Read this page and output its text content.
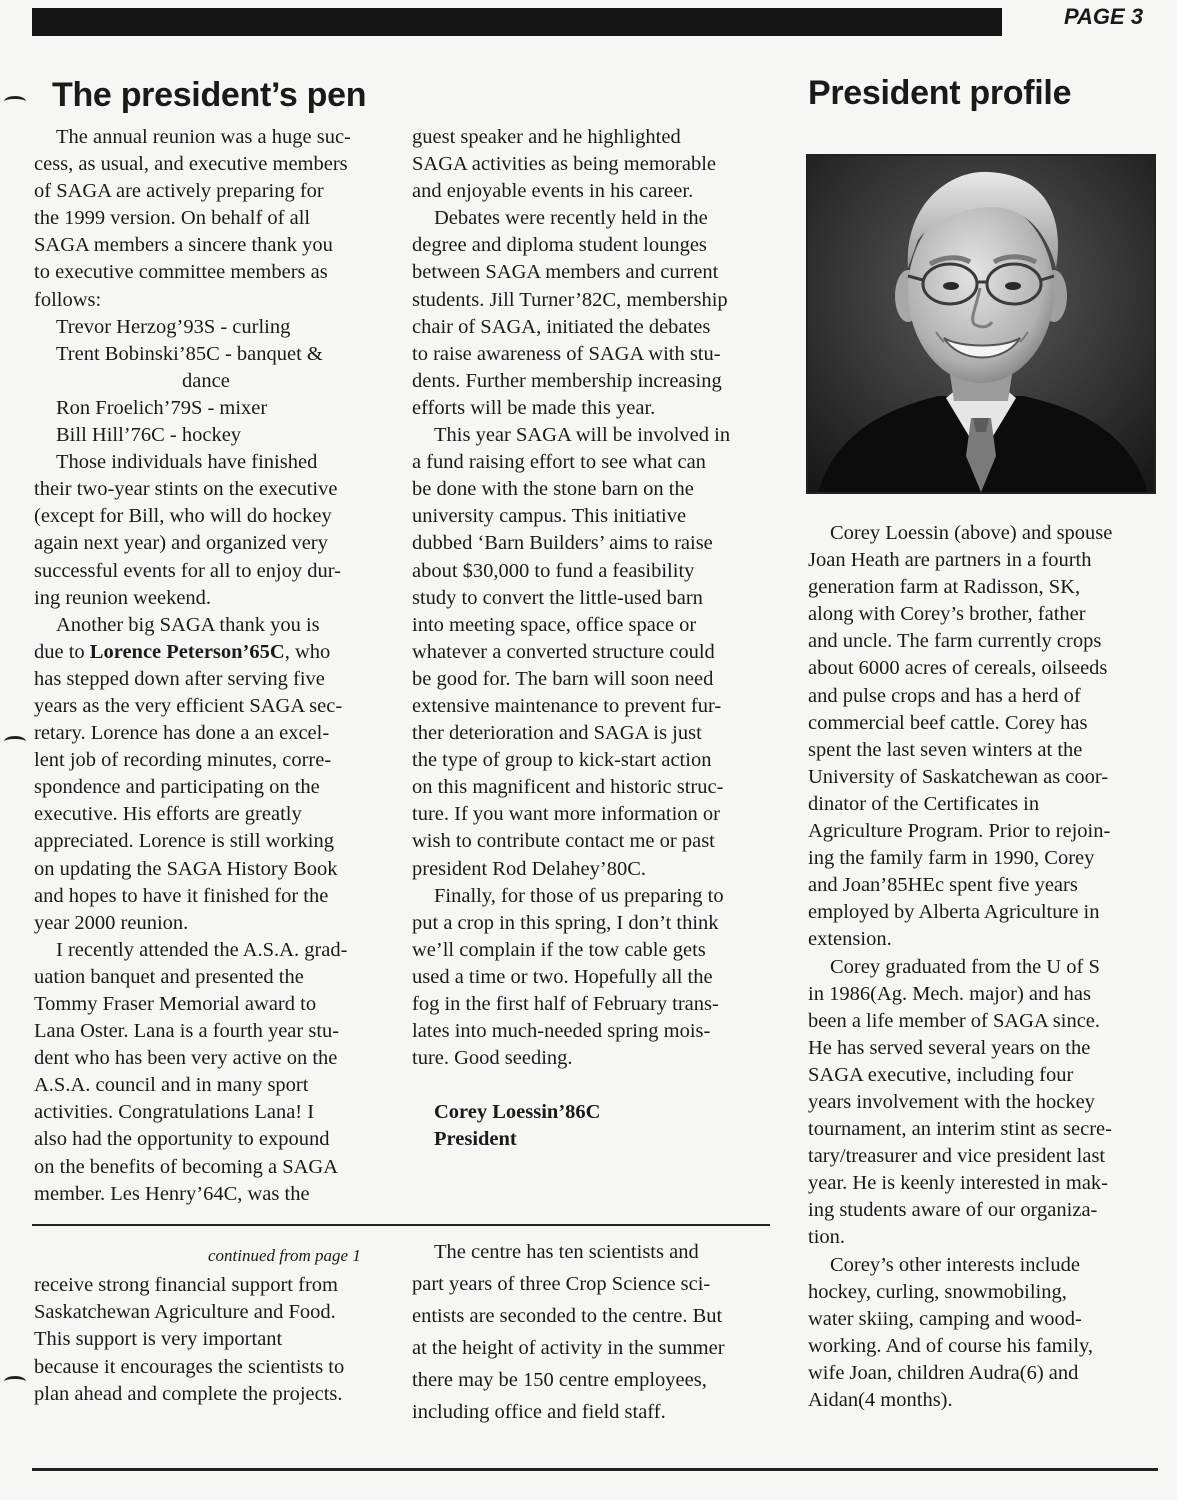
PAGE 3
The president’s pen	President profile

The annual reunion was a huge suc-

cess, as usual, and executive members

of SAGA are actively preparing for

the 1999 version. On behalf of all

SAGA members a sincere thank you

to executive committee members as

follows:

Trevor Herzog’93S - curling

Trent Bobinski’85C - banquet &

dance

Ron Froelich’79S - mixer

Bill Hill’76C - hockey

Those individuals have finished

their two-year stints on the executive

(except for Bill, who will do hockey

again next year) and organized very

successful events for all to enjoy dur-

ing reunion weekend.

Another big SAGA thank you is

due to Lorence Peterson’65C, who

has stepped down after serving five

years as the very efficient SAGA sec-

retary. Lorence has done a an excel-

lent job of recording minutes, corre-

spondence and participating on the

executive. His efforts are greatly

appreciated. Lorence is still working

on updating the SAGA History Book

and hopes to have it finished for the

year 2000 reunion.

I recently attended the A.S.A. grad-

uation banquet and presented the

Tommy Fraser Memorial award to

Lana Oster. Lana is a fourth year stu-

dent who has been very active on the

A.S.A. council and in many sport

activities. Congratulations Lana! I

also had the opportunity to expound

on the benefits of becoming a SAGA

member. Les Henry’64C, was the

guest speaker and he highlighted

SAGA activities as being memorable

and enjoyable events in his career.

Debates were recently held in the

degree and diploma student lounges

between SAGA members and current

students. Jill Turner’82C, membership

chair of SAGA, initiated the debates

to raise awareness of SAGA with stu-

dents. Further membership increasing

efforts will be made this year.

This year SAGA will be involved in

a fund raising effort to see what can

be done with the stone barn on the

university campus. This initiative

dubbed ‘Barn Builders’ aims to raise

about $30,000 to fund a feasibility

study to convert the little-used barn

into meeting space, office space or

whatever a converted structure could

be good for. The barn will soon need

extensive maintenance to prevent fur-

ther deterioration and SAGA is just

the type of group to kick-start action

on this magnificent and historic struc-

ture. If you want more information or

wish to contribute contact me or past

president Rod Delahey’80C.

Finally, for those of us preparing to

put a crop in this spring, I don’t think

we’ll complain if the tow cable gets

used a time or two. Hopefully all the

fog in the first half of February trans-

lates into much-needed spring mois-

ture. Good seeding.

Corey Loessin’86C

President

Corey Loessin (above) and spouse

Joan Heath are partners in a fourth

generation farm at Radisson, SK,

along with Corey’s brother, father

and uncle. The farm currently crops

about 6000 acres of cereals, oilseeds

and pulse crops and has a herd of

commercial beef cattle. Corey has

spent the last seven winters at the

University of Saskatchewan as coor-

dinator of the Certificates in

Agriculture Program. Prior to rejoin-

ing the family farm in 1990, Corey

and Joan’85HEc spent five years

employed by Alberta Agriculture in

extension.

Corey graduated from the U of S

in 1986(Ag. Mech. major) and has

been a life member of SAGA since.

He has served several years on the

SAGA executive, including four

years involvement with the hockey

tournament, an interim stint as secre-

tary/treasurer and vice president last

year. He is keenly interested in mak-

ing students aware of our organiza-

tion.

Corey’s other interests include

hockey, curling, snowmobiling,

water skiing, camping and wood-

working. And of course his family,

wife Joan, children Audra(6) and

Aidan(4 months).

continued from page 1

receive strong financial support from

Saskatchewan Agriculture and Food.

This support is very important

because it encourages the scientists to

plan ahead and complete the projects.

The centre has ten scientists and

part years of three Crop Science sci-

entists are seconded to the centre. But

at the height of activity in the summer

there may be 150 centre employees,

including office and field staff.
